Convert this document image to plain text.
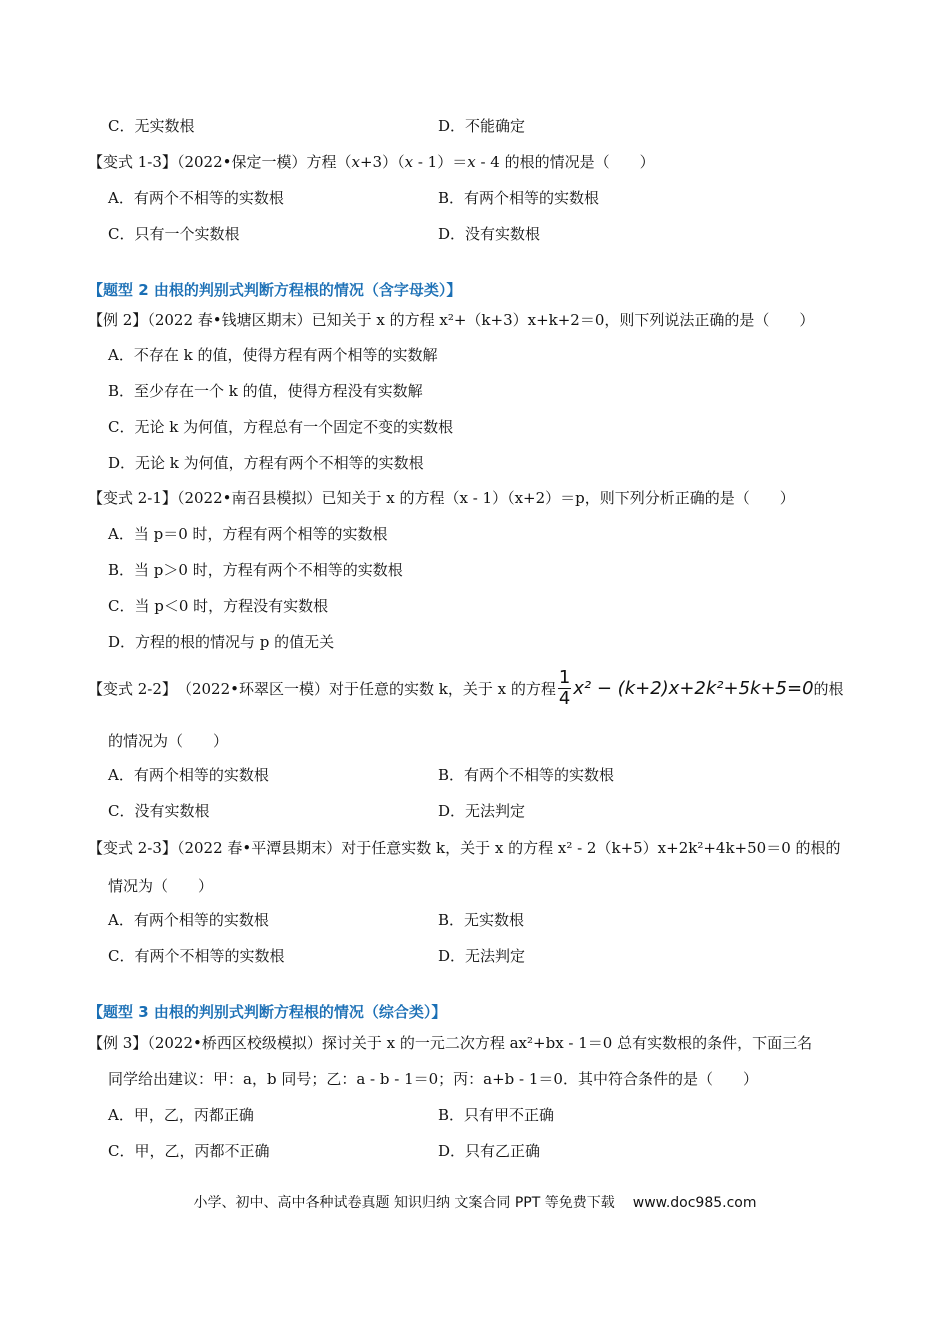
C．无实数根	D．不能确定
【变式 1-3】（2022•保定一模）方程（x+3）（x - 1）＝x - 4 的根的情况是（　　）
A．有两个不相等的实数根	B．有两个相等的实数根
C．只有一个实数根	D．没有实数根
【题型 2 由根的判别式判断方程根的情况（含字母类）】
【例 2】（2022 春•钱塘区期末）已知关于 x 的方程 x²+（k+3）x+k+2＝0，则下列说法正确的是（　　）
A．不存在 k 的值，使得方程有两个相等的实数解
B．至少存在一个 k 的值，使得方程没有实数解
C．无论 k 为何值，方程总有一个固定不变的实数根
D．无论 k 为何值，方程有两个不相等的实数根
【变式 2-1】（2022•南召县模拟）已知关于 x 的方程（x - 1）（x+2）＝p，则下列分析正确的是（　　）
A．当 p＝0 时，方程有两个相等的实数根
B．当 p＞0 时，方程有两个不相等的实数根
C．当 p＜0 时，方程没有实数根
D．方程的根的情况与 p 的值无关
【变式 2-2】（2022•环翠区一模）对于任意的实数 k，关于 x 的方程 $\frac{1}{4} x^2 - (k+2)x+2k^2+5k+5=0$的根
的情况为（　　）
A．有两个相等的实数根	B．有两个不相等的实数根
C．没有实数根	D．无法判定
【变式 2-3】（2022 春•平潭县期末）对于任意实数 k，关于 x 的方程 x² - 2（k+5）x+2k²+4k+50＝0 的根的
情况为（　　）
A．有两个相等的实数根	B．无实数根
C．有两个不相等的实数根	D．无法判定
【题型 3 由根的判别式判断方程根的情况（综合类）】
【例 3】（2022•桥西区校级模拟）探讨关于 x 的一元二次方程 ax²+bx - 1＝0 总有实数根的条件，下面三名
同学给出建议：甲：a，b 同号；乙：a - b - 1＝0；丙：a+b - 1＝0．其中符合条件的是（　　）
A．甲，乙，丙都正确	B．只有甲不正确
C．甲，乙，丙都不正确	D．只有乙正确
小学、初中、高中各种试卷真题 知识归纳 文案合同 PPT 等免费下载 www.doc985.com
